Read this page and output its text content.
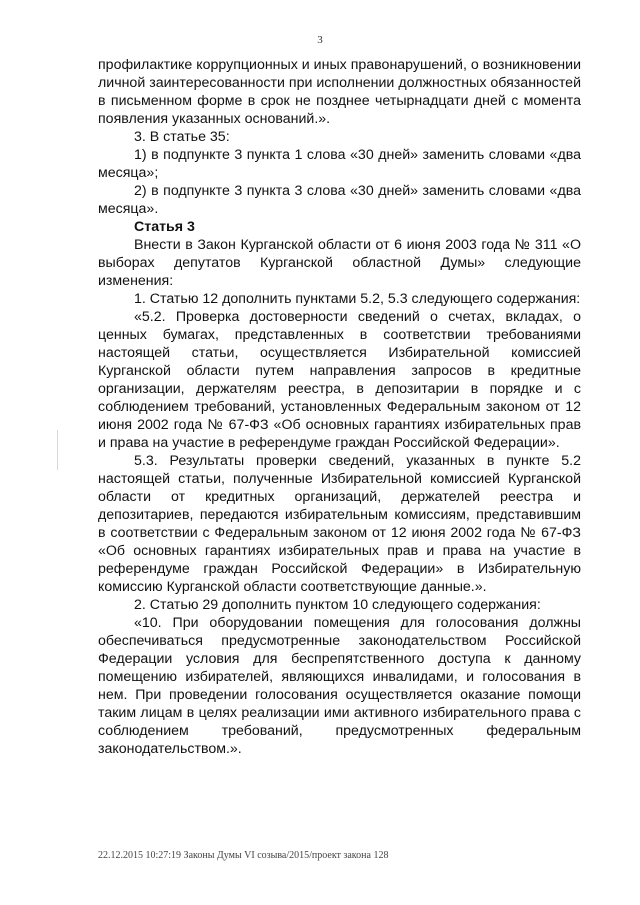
3

профилактике коррупционных и иных правонарушений, о возникновении личной заинтересованности при исполнении должностных обязанностей в письменном форме в срок не позднее четырнадцати дней с момента появления указанных оснований.».

3. В статье 35:

1) в подпункте 3 пункта 1 слова «30 дней» заменить словами «два месяца»;

2) в подпункте 3 пункта 3 слова «30 дней» заменить словами «два месяца».

Статья 3

Внести в Закон Курганской области от 6 июня 2003 года № 311 «О выборах депутатов Курганской областной Думы» следующие изменения:

1. Статью 12 дополнить пунктами 5.2, 5.3 следующего содержания:

«5.2. Проверка достоверности сведений о счетах, вкладах, о ценных бумагах, представленных в соответствии требованиями настоящей статьи, осуществляется Избирательной комиссией Курганской области путем направления запросов в кредитные организации, держателям реестра, в депозитарии в порядке и с соблюдением требований, установленных Федеральным законом от 12 июня 2002 года № 67-ФЗ «Об основных гарантиях избирательных прав и права на участие в референдуме граждан Российской Федерации».

5.3. Результаты проверки сведений, указанных в пункте 5.2 настоящей статьи, полученные Избирательной комиссией Курганской области от кредитных организаций, держателей реестра и депозитариев, передаются избирательным комиссиям, представившим в соответствии с Федеральным законом от 12 июня 2002 года № 67-ФЗ «Об основных гарантиях избирательных прав и права на участие в референдуме граждан Российской Федерации» в Избирательную комиссию Курганской области соответствующие данные.».

2. Статью 29 дополнить пунктом 10 следующего содержания:

«10. При оборудовании помещения для голосования должны обеспечиваться предусмотренные законодательством Российской Федерации условия для беспрепятственного доступа к данному помещению избирателей, являющихся инвалидами, и голосования в нем. При проведении голосования осуществляется оказание помощи таким лицам в целях реализации ими активного избирательного права с соблюдением требований, предусмотренных федеральным законодательством.».

22.12.2015 10:27:19 Законы Думы VI созыва/2015/проект закона 128
